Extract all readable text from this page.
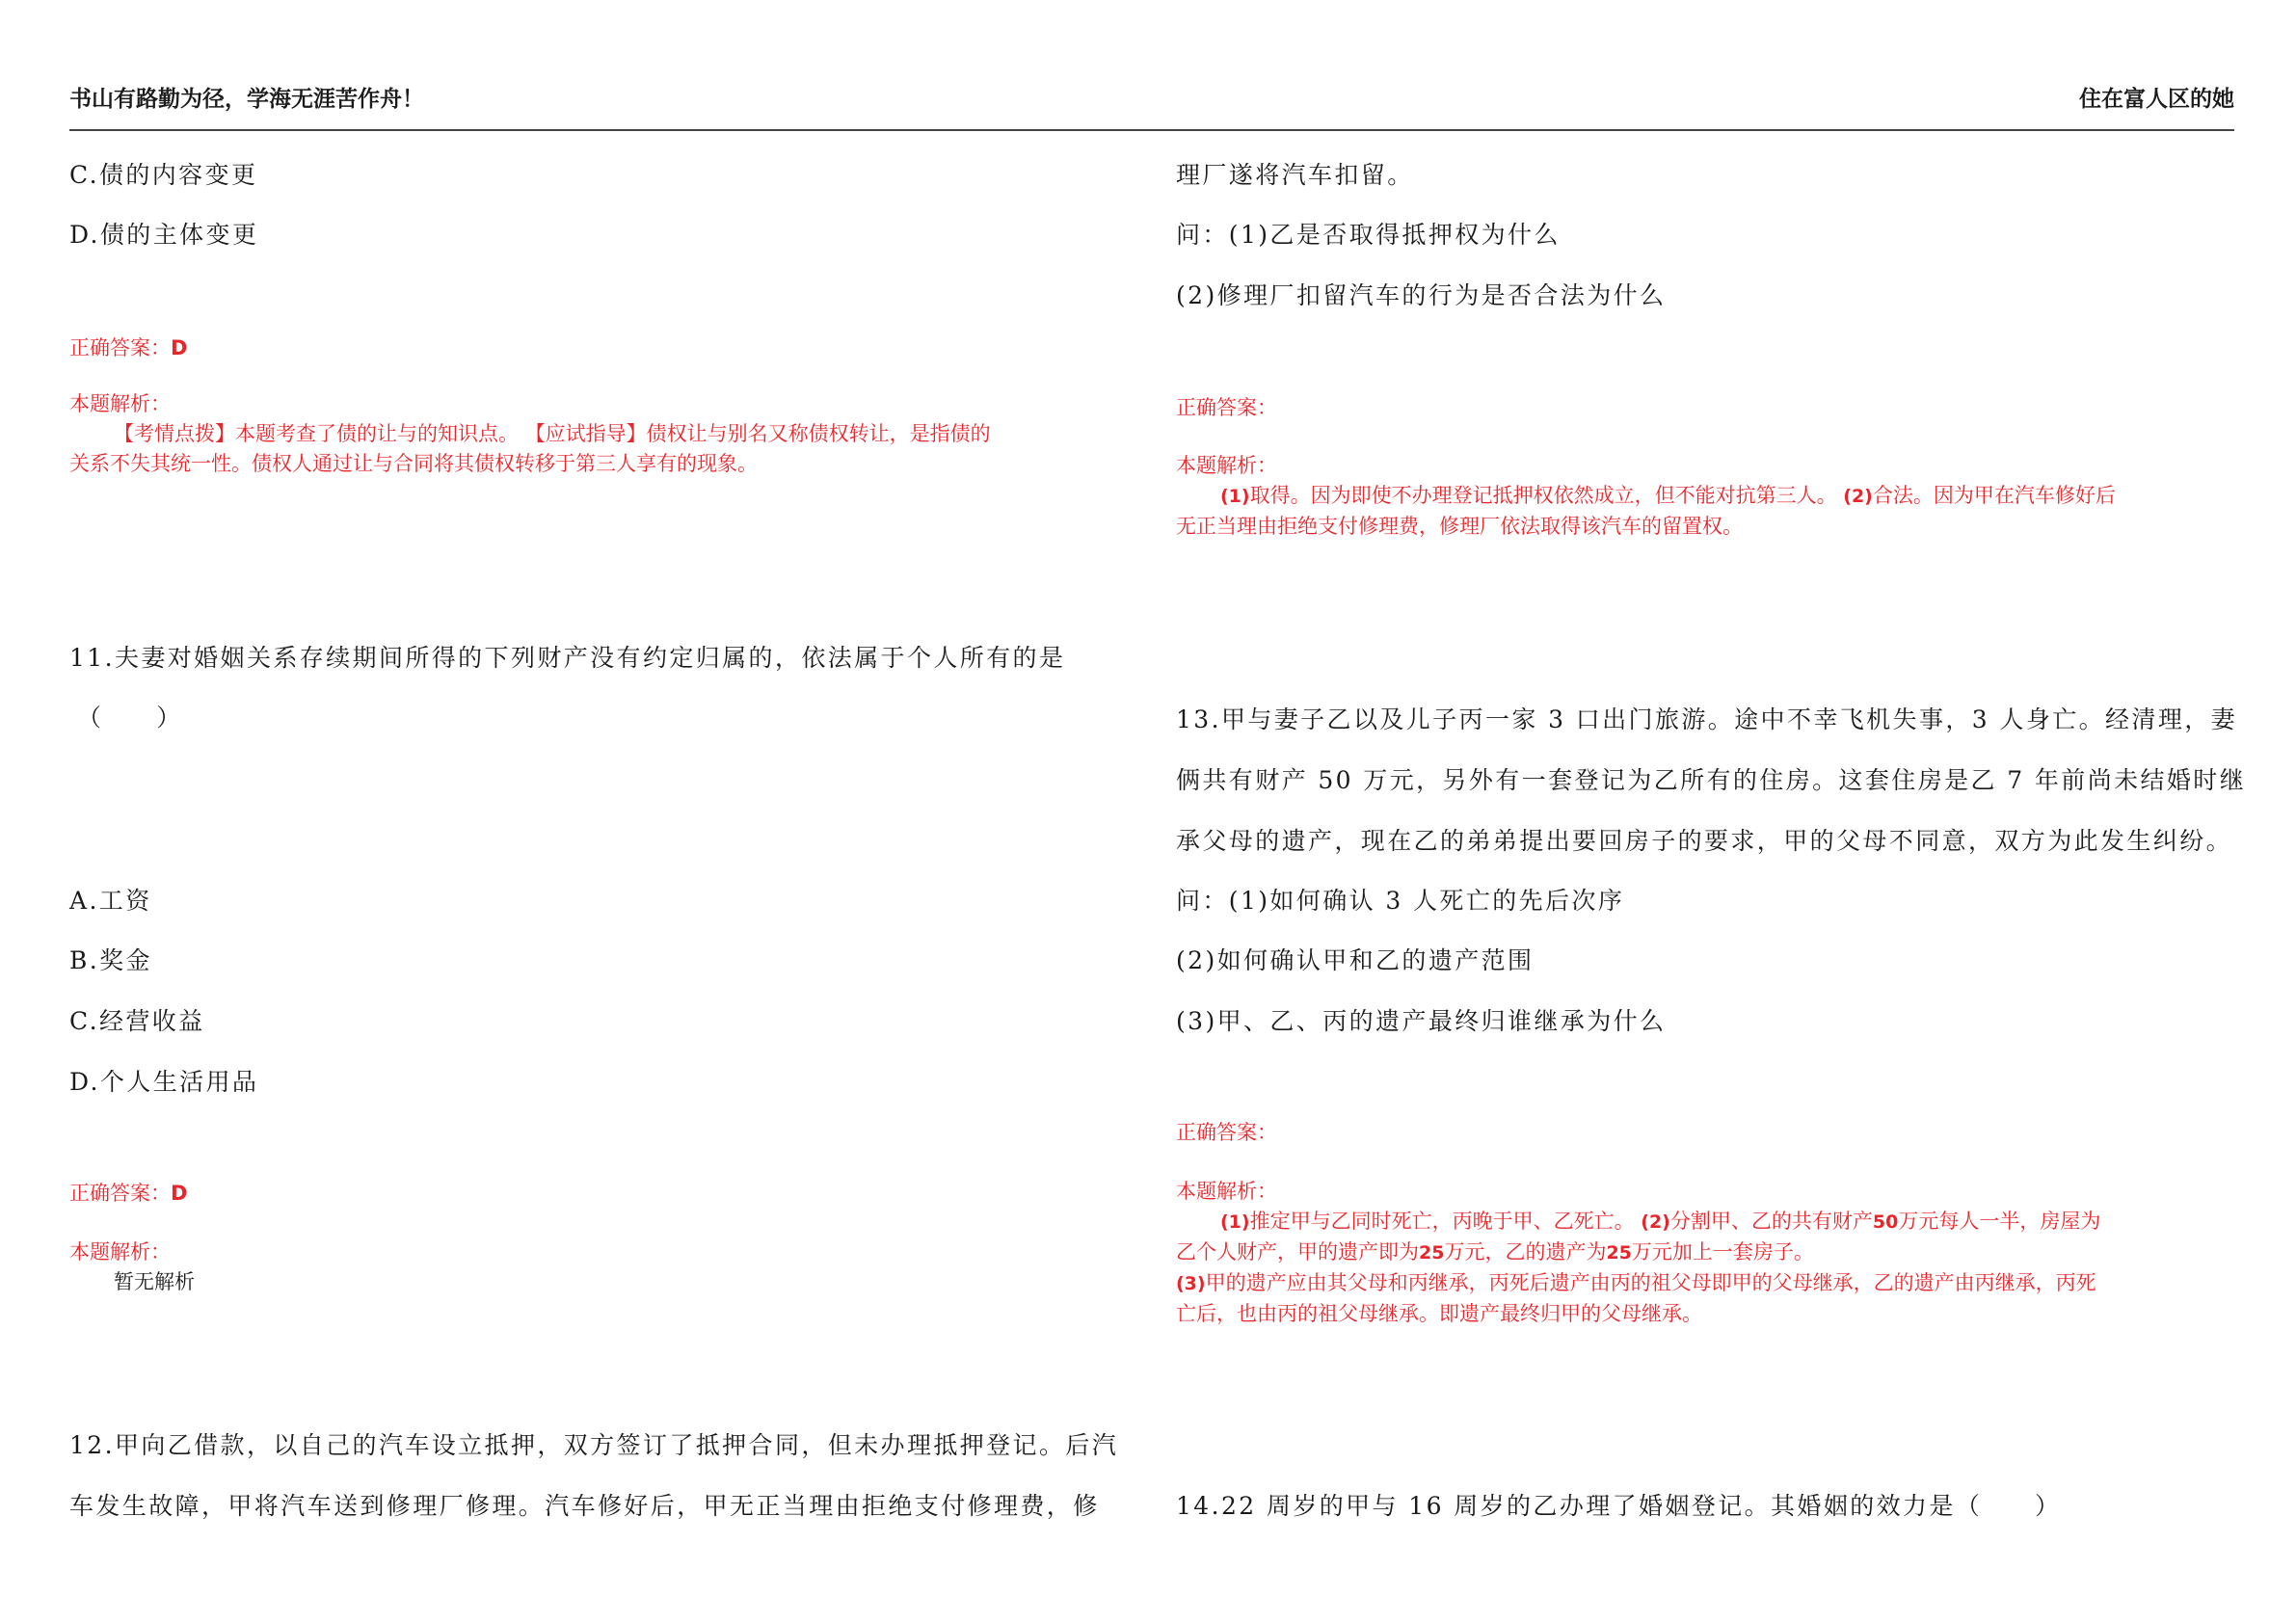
书山有路勤为径，学海无涯苦作舟！	住在富人区的她
C.债的内容变更
D.债的主体变更
正确答案：D
本题解析：
【考情点拨】本题考查了债的让与的知识点。 【应试指导】债权让与别名又称债权转让，是指债的
关系不失其统一性。债权人通过让与合同将其债权转移于第三人享有的现象。
11.夫妻对婚姻关系存续期间所得的下列财产没有约定归属的，依法属于个人所有的是
（　　）
A.工资
B.奖金
C.经营收益
D.个人生活用品
正确答案：D
本题解析：
暂无解析
12.甲向乙借款，以自己的汽车设立抵押，双方签订了抵押合同，但未办理抵押登记。后汽
车发生故障，甲将汽车送到修理厂修理。汽车修好后，甲无正当理由拒绝支付修理费，修
理厂遂将汽车扣留。
问：(1)乙是否取得抵押权为什么
(2)修理厂扣留汽车的行为是否合法为什么
正确答案：
本题解析：
(1)取得。因为即使不办理登记抵押权依然成立，但不能对抗第三人。 (2)合法。因为甲在汽车修好后
无正当理由拒绝支付修理费，修理厂依法取得该汽车的留置权。
13.甲与妻子乙以及儿子丙一家 3 口出门旅游。途中不幸飞机失事，3 人身亡。经清理，妻
俩共有财产 50 万元，另外有一套登记为乙所有的住房。这套住房是乙 7 年前尚未结婚时继
承父母的遗产，现在乙的弟弟提出要回房子的要求，甲的父母不同意，双方为此发生纠纷。
问：(1)如何确认 3 人死亡的先后次序
(2)如何确认甲和乙的遗产范围
(3)甲、乙、丙的遗产最终归谁继承为什么
正确答案：
本题解析：
(1)推定甲与乙同时死亡，丙晚于甲、乙死亡。 (2)分割甲、乙的共有财产50万元每人一半，房屋为
乙个人财产，甲的遗产即为25万元，乙的遗产为25万元加上一套房子。
(3)甲的遗产应由其父母和丙继承，丙死后遗产由丙的祖父母即甲的父母继承，乙的遗产由丙继承，丙死
亡后，也由丙的祖父母继承。即遗产最终归甲的父母继承。
14.22 周岁的甲与 16 周岁的乙办理了婚姻登记。其婚姻的效力是（　　）
